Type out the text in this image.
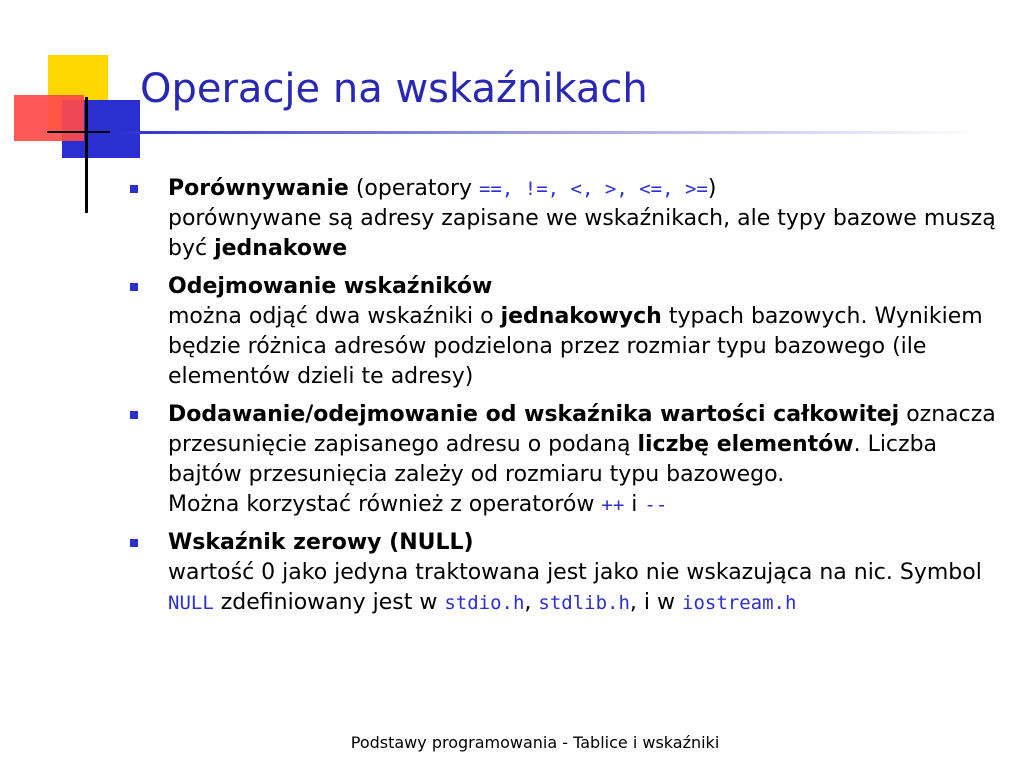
Operacje na wskaźnikach
Porównywanie (operatory ==, !=, <, >, <=, >=)
porównywane są adresy zapisane we wskaźnikach, ale typy bazowe muszą być jednakowe
Odejmowanie wskaźników
można odjąć dwa wskaźniki o jednakowych typach bazowych. Wynikiem będzie różnica adresów podzielona przez rozmiar typu bazowego (ile elementów dzieli te adresy)
Dodawanie/odejmowanie od wskaźnika wartości całkowitej oznacza przesunięcie zapisanego adresu o podaną liczbę elementów. Liczba bajtów przesunięcia zależy od rozmiaru typu bazowego.
Można korzystać również z operatorów ++ i --
Wskaźnik zerowy (NULL)
wartość 0 jako jedyna traktowana jest jako nie wskazująca na nic. Symbol NULL zdefiniowany jest w stdio.h, stdlib.h, i w iostream.h
Podstawy programowania - Tablice i wskaźniki
